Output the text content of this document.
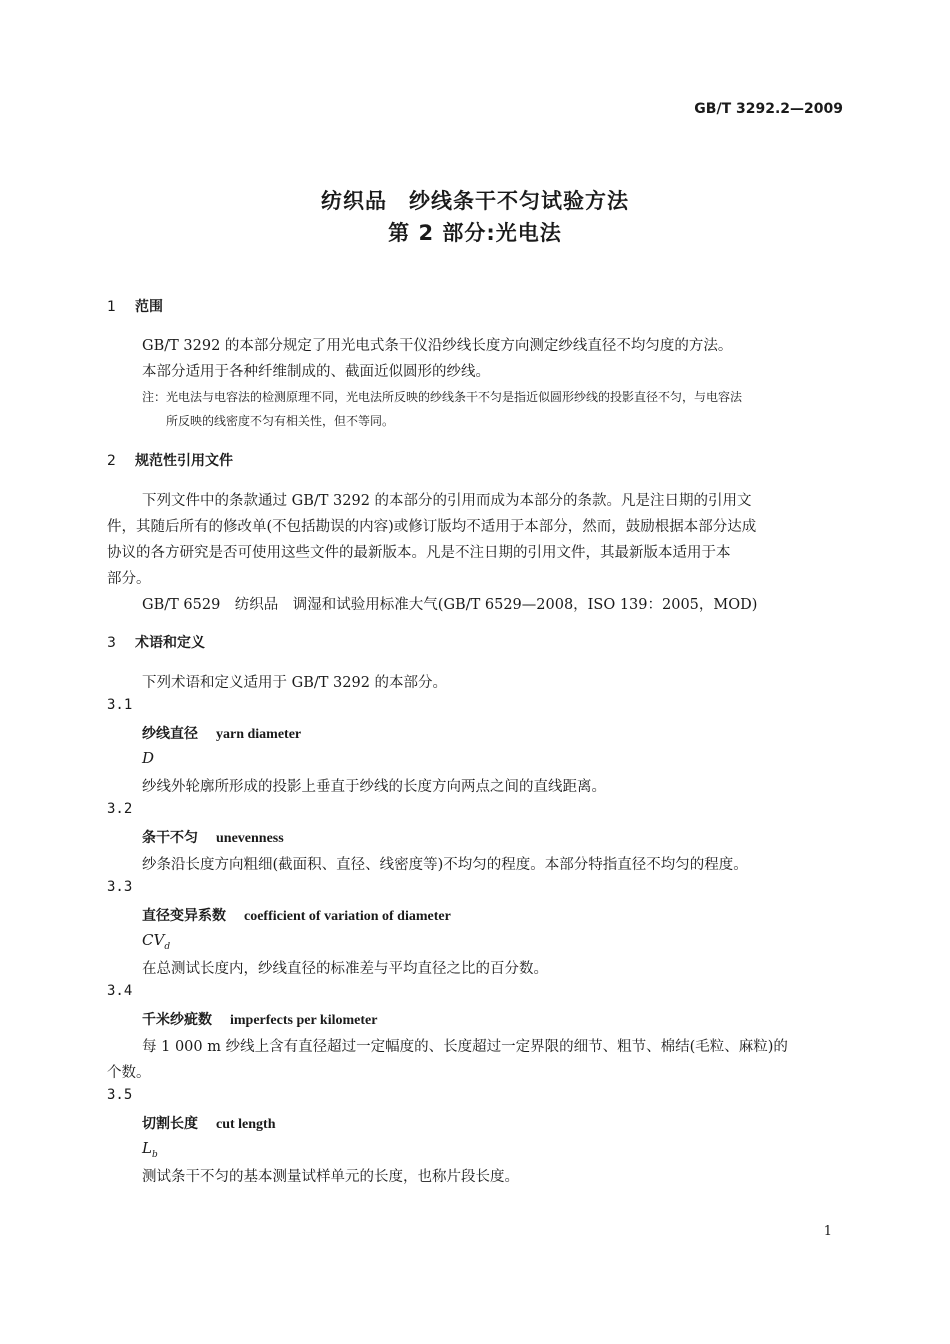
GB/T 3292.2—2009
纺织品　纱线条干不匀试验方法
第 2 部分:光电法
1 范围
GB/T 3292 的本部分规定了用光电式条干仪沿纱线长度方向测定纱线直径不均匀度的方法。
本部分适用于各种纤维制成的、截面近似圆形的纱线。
注：光电法与电容法的检测原理不同，光电法所反映的纱线条干不匀是指近似圆形纱线的投影直径不匀，与电容法
所反映的线密度不匀有相关性，但不等同。
2 规范性引用文件
下列文件中的条款通过 GB/T 3292 的本部分的引用而成为本部分的条款。凡是注日期的引用文
件，其随后所有的修改单(不包括勘误的内容)或修订版均不适用于本部分，然而，鼓励根据本部分达成
协议的各方研究是否可使用这些文件的最新版本。凡是不注日期的引用文件，其最新版本适用于本
部分。
GB/T 6529　纺织品　调湿和试验用标准大气(GB/T 6529—2008，ISO 139：2005，MOD)
3 术语和定义
下列术语和定义适用于 GB/T 3292 的本部分。
3.1
纱线直径 yarn diameter
D
纱线外轮廓所形成的投影上垂直于纱线的长度方向两点之间的直线距离。
3.2
条干不匀 unevenness
纱条沿长度方向粗细(截面积、直径、线密度等)不均匀的程度。本部分特指直径不均匀的程度。
3.3
直径变异系数 coefficient of variation of diameter
$CV_d$
在总测试长度内，纱线直径的标准差与平均直径之比的百分数。
3.4
千米纱疵数 imperfects per kilometer
每 1 000 m 纱线上含有直径超过一定幅度的、长度超过一定界限的细节、粗节、棉结(毛粒、麻粒)的
个数。
3.5
切割长度 cut length
$L_b$
测试条干不匀的基本测量试样单元的长度，也称片段长度。
1
